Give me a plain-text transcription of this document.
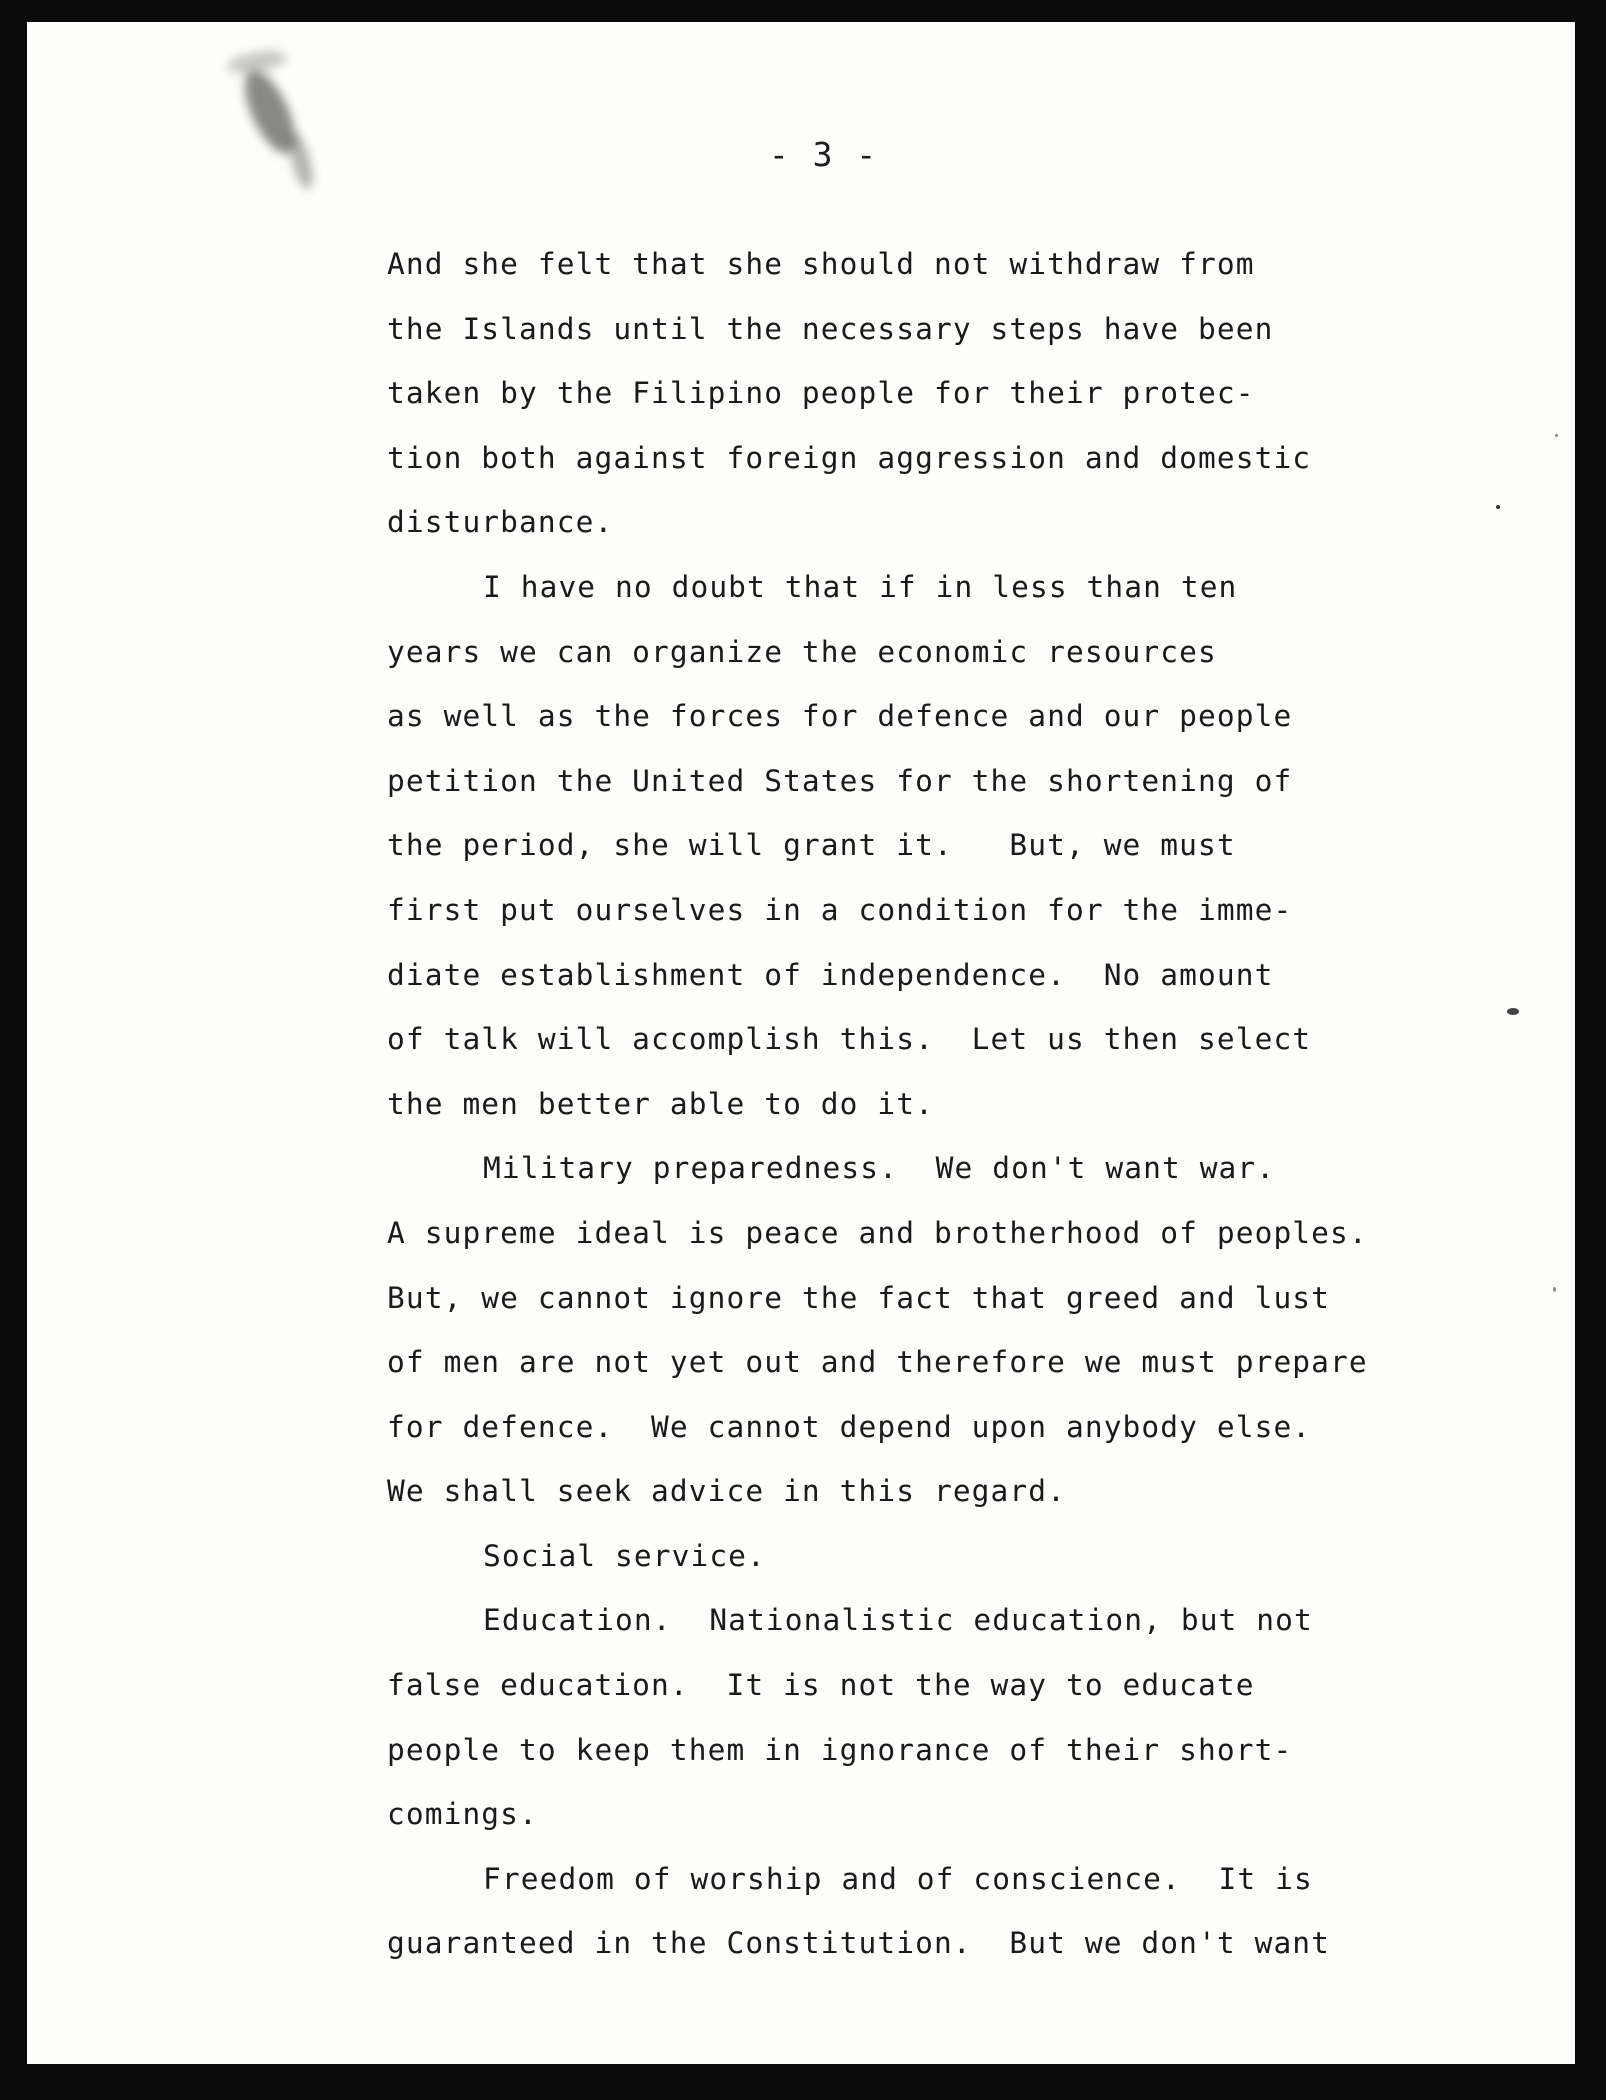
- 3 -
And she felt that she should not withdraw from
the Islands until the necessary steps have been
taken by the Filipino people for their protec-
tion both against foreign aggression and domestic
disturbance.
I have no doubt that if in less than ten
years we can organize the economic resources
as well as the forces for defence and our people
petition the United States for the shortening of
the period, she will grant it.   But, we must
first put ourselves in a condition for the imme-
diate establishment of independence.  No amount
of talk will accomplish this.  Let us then select
the men better able to do it.
Military preparedness.  We don't want war.
A supreme ideal is peace and brotherhood of peoples.
But, we cannot ignore the fact that greed and lust
of men are not yet out and therefore we must prepare
for defence.  We cannot depend upon anybody else.
We shall seek advice in this regard.
Social service.
Education.  Nationalistic education, but not
false education.  It is not the way to educate
people to keep them in ignorance of their short-
comings.
Freedom of worship and of conscience.  It is
guaranteed in the Constitution.  But we don't want
